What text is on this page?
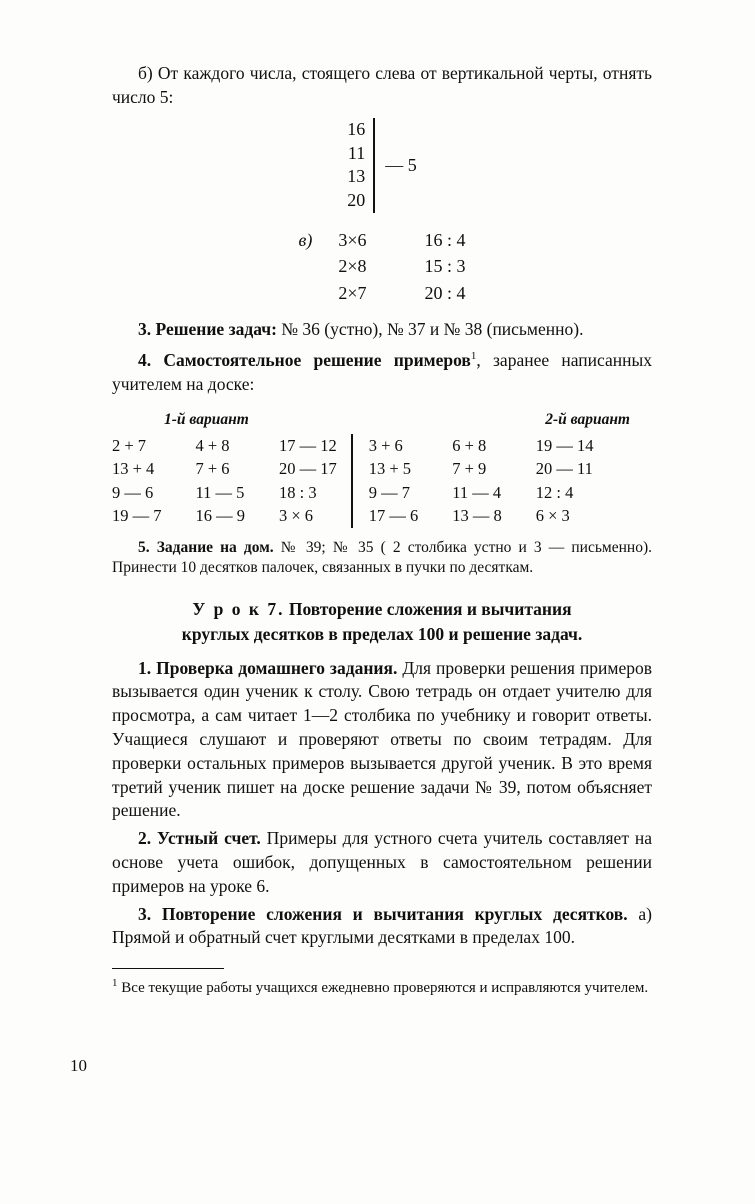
б) От каждого числа, стоящего слева от вертикальной черты, отнять число 5:

16
11
13
20
— 5
в) 3×6
2×8
2×7
16 : 4
15 : 3
20 : 4

3. Решение задач: № 36 (устно), № 37 и № 38 (письменно).

4. Самостоятельное решение примеров$^1$, заранее написанных учителем на доске:

1-й вариант	2-й вариант
2 + 7
13 + 4
9 — 6
19 — 7
4 + 8
7 + 6
11 — 5
16 — 9
17 — 12
20 — 17
18 : 3
3 × 6
3 + 6
13 + 5
9 — 7
17 — 6
6 + 8
7 + 9
11 — 4
13 — 8
19 — 14
20 — 11
12 : 4
6 × 3

5. Задание на дом. № 39; № 35 ( 2 столбика устно и 3 — письменно). Принести 10 десятков палочек, связанных в пучки по десяткам.

У р о к 7. Повторение сложения и вычитания
круглых десятков в пределах 100 и решение задач.

1. Проверка домашнего задания. Для проверки решения примеров вызывается один ученик к столу. Свою тетрадь он отдает учителю для просмотра, а сам читает 1—2 столбика по учебнику и говорит ответы. Учащиеся слушают и проверяют ответы по своим тетрадям. Для проверки остальных примеров вызывается другой ученик. В это время третий ученик пишет на доске решение задачи № 39, потом объясняет решение.

2. Устный счет. Примеры для устного счета учитель составляет на основе учета ошибок, допущенных в самостоятельном решении примеров на уроке 6.

3. Повторение сложения и вычитания круглых десятков. а) Прямой и обратный счет круглыми десятками в пределах 100.

$^1$ Все текущие работы учащихся ежедневно проверяются и исправляются учителем.

10
